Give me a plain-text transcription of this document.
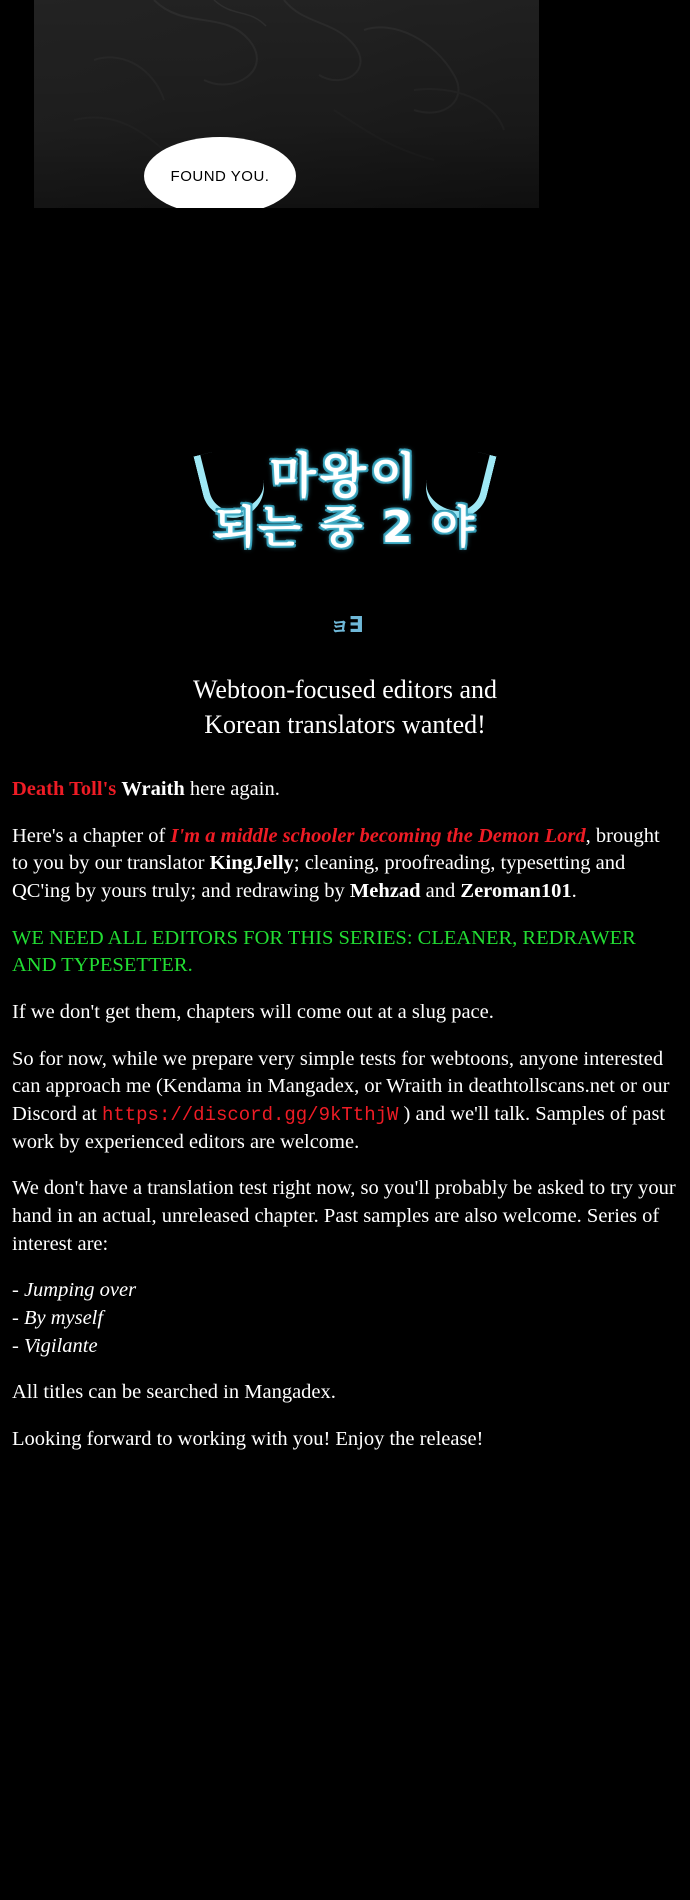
FOUND YOU.
마왕이
되는 중 2 야
ョ∃
Webtoon-focused editors and
Korean translators wanted!

Death Toll's Wraith here again.

Here's a chapter of I'm a middle schooler becoming the Demon Lord, brought to you by our translator KingJelly; cleaning, proofreading, typesetting and QC'ing by yours truly; and redrawing by Mehzad and Zeroman101.

WE NEED ALL EDITORS FOR THIS SERIES: CLEANER, REDRAWER AND TYPESETTER.

If we don't get them, chapters will come out at a slug pace.

So for now, while we prepare very simple tests for webtoons, anyone interested can approach me (Kendama in Mangadex, or Wraith in deathtollscans.net or our Discord at https://discord.gg/9kTthjW ) and we'll talk. Samples of past work by experienced editors are welcome.

We don't have a translation test right now, so you'll probably be asked to try your hand in an actual, unreleased chapter. Past samples are also welcome. Series of interest are:

- Jumping over
- By myself
- Vigilante

All titles can be searched in Mangadex.

Looking forward to working with you! Enjoy the release!
